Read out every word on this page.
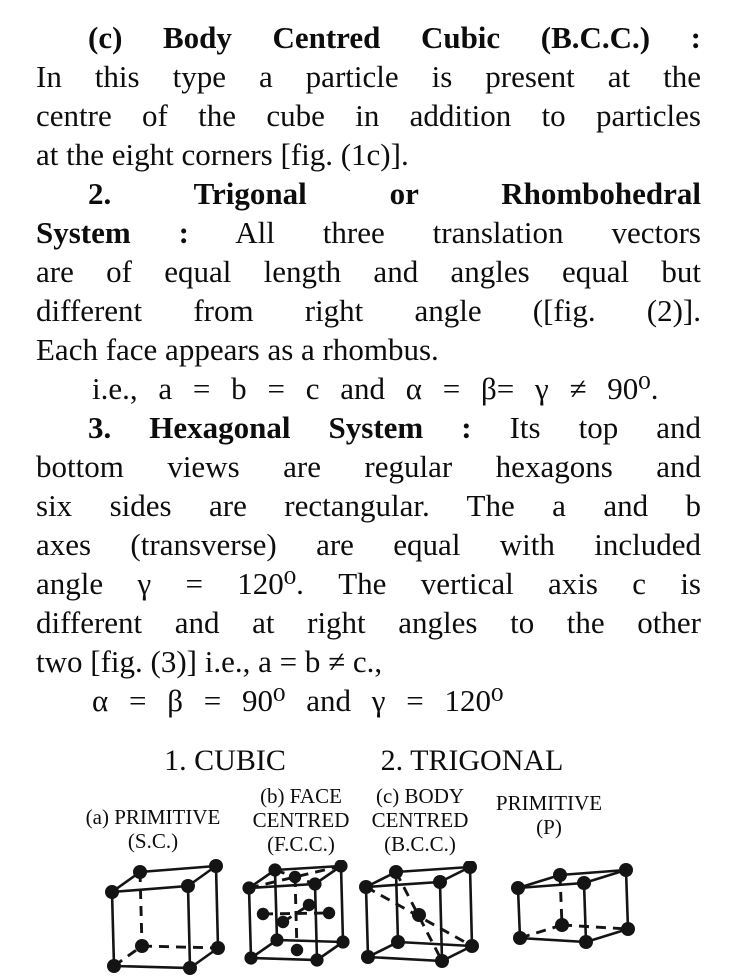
(c) Body Centred Cubic (B.C.C.) :
In this type a particle is present at the
centre of the cube in addition to particles
at the eight corners [fig. (1c)].
2. Trigonal or Rhombohedral
System : All three translation vectors
are of equal length and angles equal but
different from right angle ([fig. (2)].
Each face appears as a rhombus.
i.e., a = b = c and α = β= γ ≠ 90⁰.
3. Hexagonal System : Its top and
bottom views are regular hexagons and
six sides are rectangular. The a and b
axes (transverse) are equal with included
angle γ = 120⁰. The vertical axis c is
different and at right angles to the other
two [fig. (3)] i.e., a = b ≠ c.,
α = β = 90⁰ and γ = 120⁰
1. CUBIC	2. TRIGONAL
(a) PRIMITIVE
(S.C.)
(b) FACE
CENTRED
(F.C.C.)
(c) BODY
CENTRED
(B.C.C.)
PRIMITIVE
(P)
